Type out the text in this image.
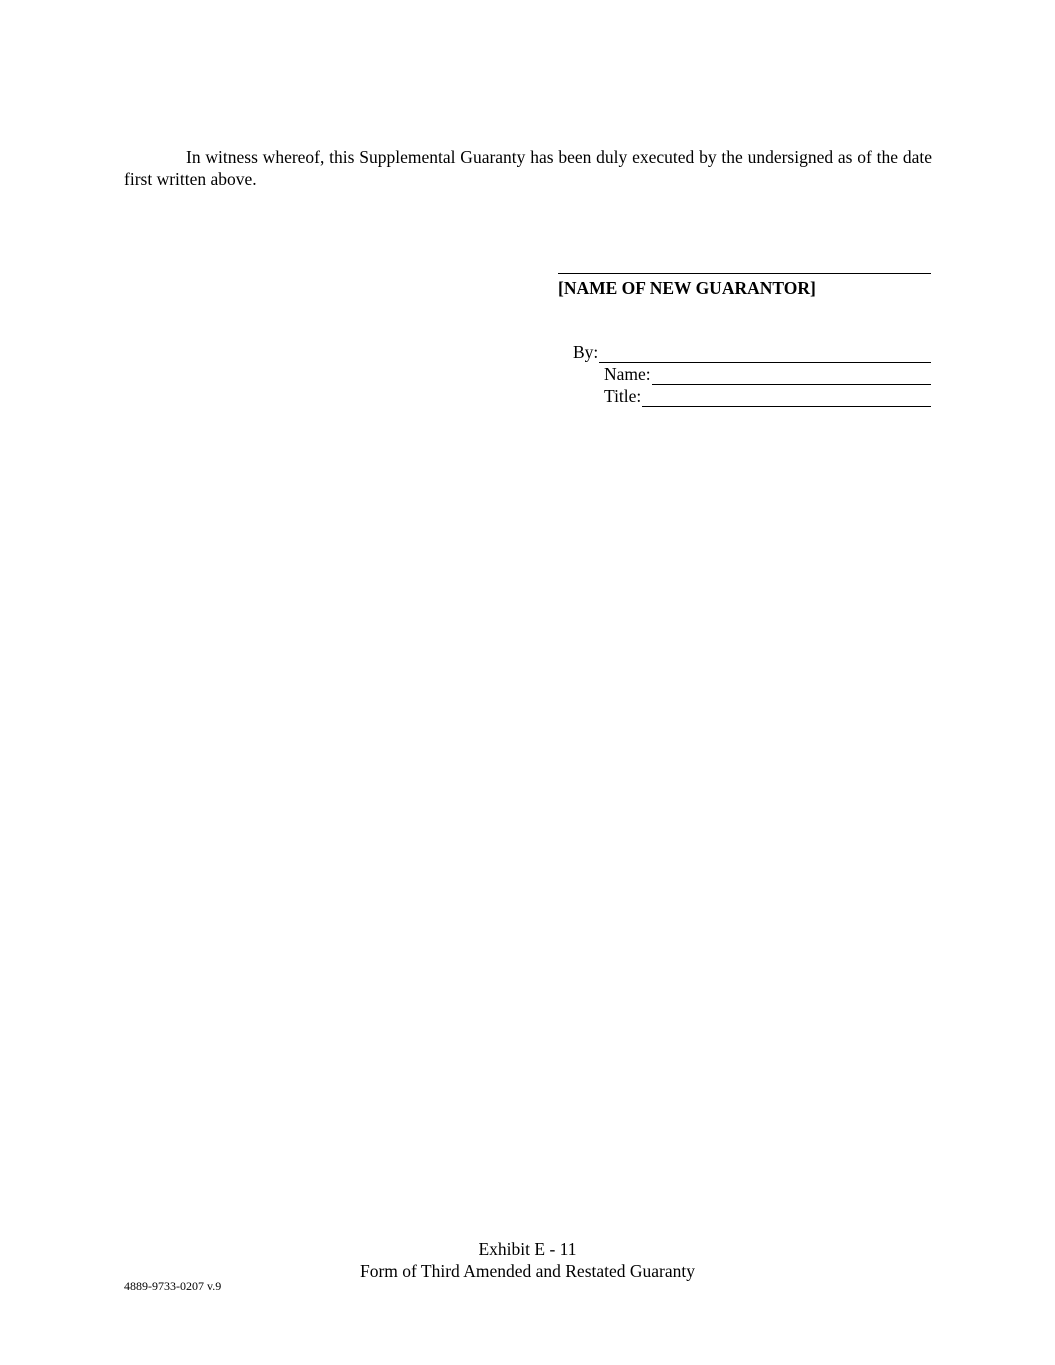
In witness whereof, this Supplemental Guaranty has been duly executed by the undersigned as of the date first written above.

[NAME OF NEW GUARANTOR]
By:
Name:
Title:
Exhibit E - 11
Form of Third Amended and Restated Guaranty
4889-9733-0207 v.9
